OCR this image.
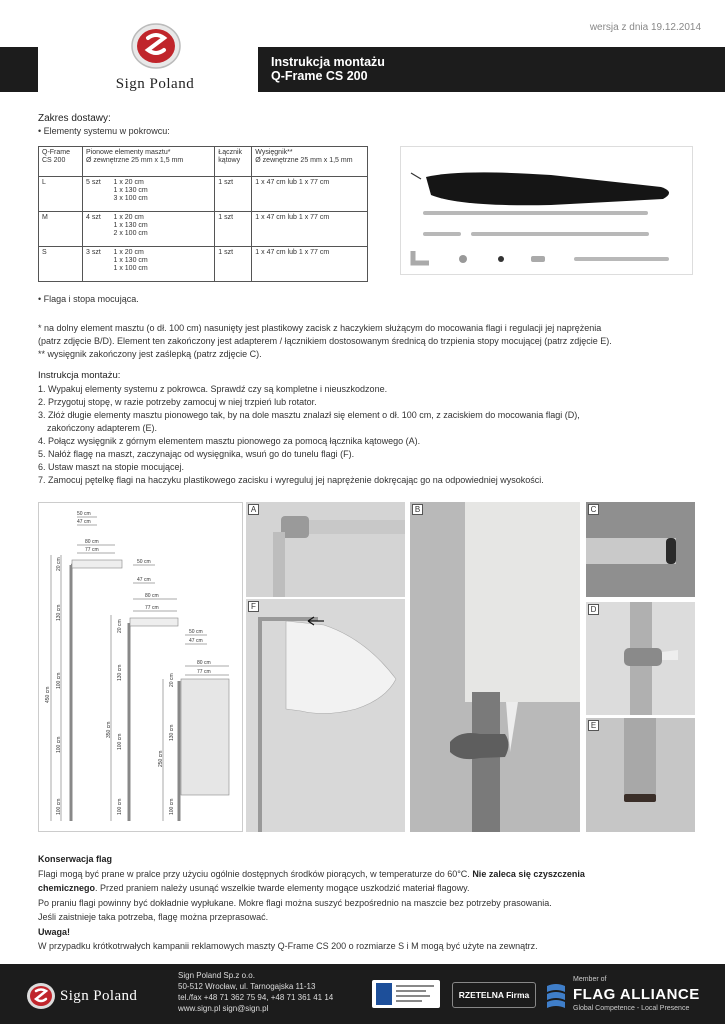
wersja z dnia 19.12.2014
Sign Poland
Instrukcja montażu
Q-Frame CS 200
Zakres dostawy:
• Elementy systemu w pokrowcu:
Q-Frame
CS 200	Pionowe elementy masztu*
Ø zewnętrzne 25 mm x 1,5 mm		Łącznik
kątowy	Wysięgnik**
Ø zewnętrzne 25 mm x 1,5 mm
L	5 szt	1 x 20 cm
1 x 130 cm
3 x 100 cm	1 szt	1 x 47 cm lub 1 x 77 cm
M	4 szt	1 x 20 cm
1 x 130 cm
2 x 100 cm	1 szt	1 x 47 cm lub 1 x 77 cm
S	3 szt	1 x 20 cm
1 x 130 cm
1 x 100 cm	1 szt	1 x 47 cm lub 1 x 77 cm
• Flaga i stopa mocująca.
* na dolny element masztu (o dł. 100 cm) nasunięty jest plastikowy zacisk z haczykiem służącym do mocowania flagi i regulacji jej naprężenia
(patrz zdjęcie B/D). Element ten zakończony jest adapterem / łącznikiem dostosowanym średnicą do trzpienia stopy mocującej (patrz zdjęcie E).
** wysięgnik zakończony jest zaślepką (patrz zdjęcie C).
Instrukcja montażu:
1. Wypakuj elementy systemu z pokrowca. Sprawdź czy są kompletne i nieuszkodzone.
2. Przygotuj stopę, w razie potrzeby zamocuj w niej trzpień lub rotator.
3. Złóż długie elementy masztu pionowego tak, by na dole masztu znalazł się element o dł. 100 cm, z zaciskiem do mocowania flagi (D),
zakończony adapterem (E).
4. Połącz wysięgnik z górnym elementem masztu pionowego za pomocą łącznika kątowego (A).
5. Nałóż flagę na maszt, zaczynając od wysięgnika, wsuń go do tunelu flagi (F).
6. Ustaw maszt na stopie mocującej.
7. Zamocuj pętelkę flagi na haczyku plastikowego zacisku i wyreguluj jej naprężenie dokręcając go na odpowiedniej wysokości.
50 cm
47 cm
80 cm
77 cm
450 cm
20 cm
130 cm
100 cm
100 cm
100 cm
50 cm
47 cm
80 cm
77 cm
350 cm
20 cm
130 cm
100 cm
100 cm
50 cm
47 cm
80 cm
77 cm
250 cm
20 cm
130 cm
100 cm
A
F
B	C
D
E
Konserwacja flag
Flagi mogą być prane w pralce przy użyciu ogólnie dostępnych środków piorących, w temperaturze do 60°C. Nie zaleca się czyszczenia
chemicznego. Przed praniem należy usunąć wszelkie twarde elementy mogące uszkodzić materiał flagowy.
Po praniu flagi powinny być dokładnie wypłukane. Mokre flagi można suszyć bezpośrednio na maszcie bez potrzeby prasowania.
Jeśli zaistnieje taka potrzeba, flagę można przeprasować.
Uwaga!
W przypadku krótkotrwałych kampanii reklamowych maszty Q-Frame CS 200 o rozmiarze S i M mogą być użyte na zewnątrz.
Sign Poland
Sign Poland Sp.z o.o.
50-512 Wrocław, ul. Tarnogajska 11-13
tel./fax +48 71 362 75 94, +48 71 361 41 14
www.sign.pl sign@sign.pl
RZETELNA Firma
Member of
FLAG ALLIANCE
Global Competence - Local Presence
